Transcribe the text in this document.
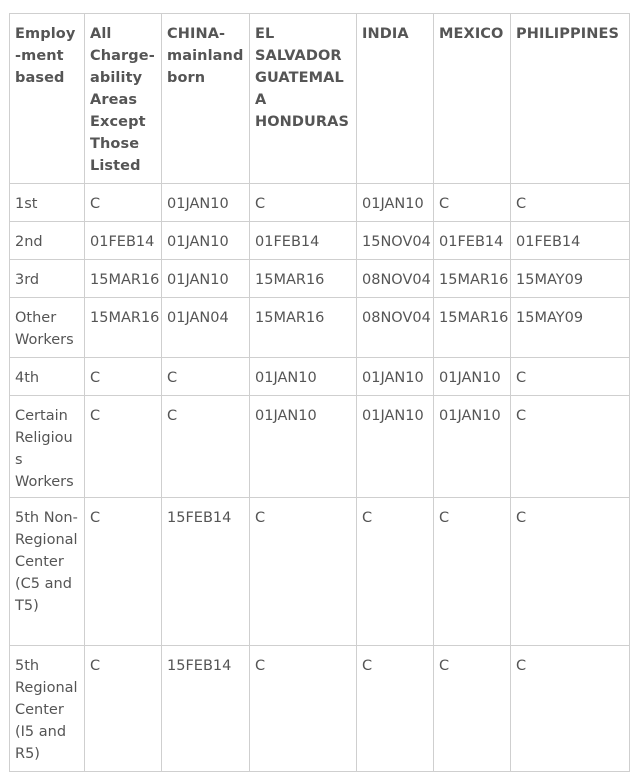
Employ-ment based	All Charge-ability Areas Except Those Listed	CHINA-mainland born	EL SALVADOR GUATEMALA HONDURAS	INDIA	MEXICO	PHILIPPINES
1st	C	01JAN10	C	01JAN10	C	C
2nd	01FEB14	01JAN10	01FEB14	15NOV04	01FEB14	01FEB14
3rd	15MAR16	01JAN10	15MAR16	08NOV04	15MAR16	15MAY09
Other Workers	15MAR16	01JAN04	15MAR16	08NOV04	15MAR16	15MAY09
4th	C	C	01JAN10	01JAN10	01JAN10	C
Certain Religious Workers	C	C	01JAN10	01JAN10	01JAN10	C
5th Non-Regional Center (C5 and T5)	C	15FEB14	C	C	C	C
5th Regional Center (I5 and R5)	C	15FEB14	C	C	C	C
